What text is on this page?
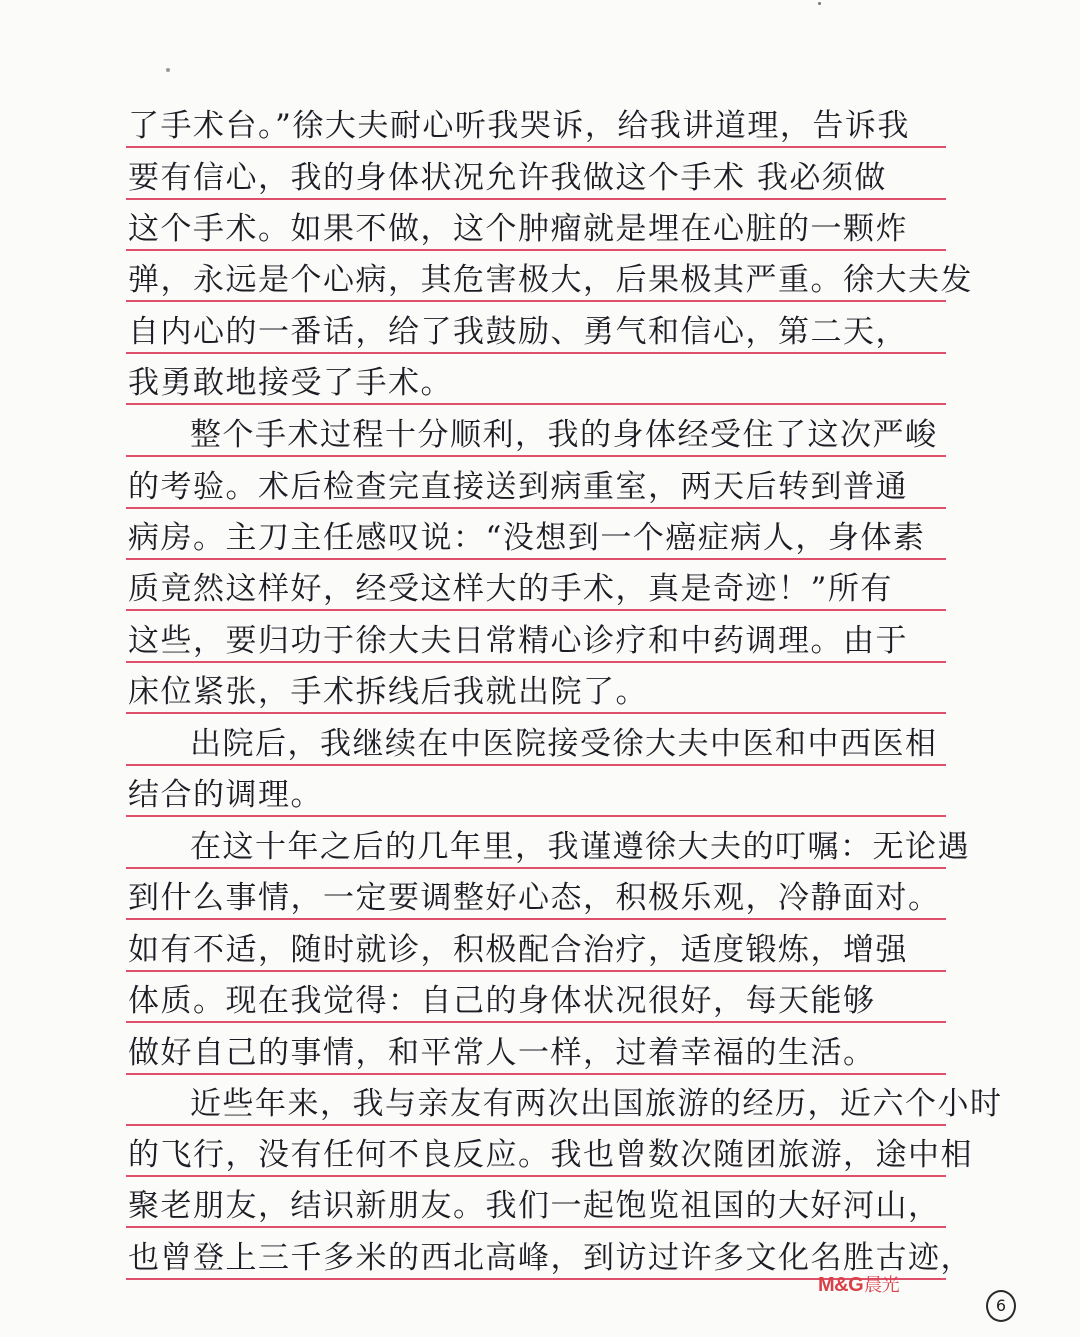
了手术台。”徐大夫耐心听我哭诉，给我讲道理，告诉我
要有信心，我的身体状况允许我做这个手术 我必须做
这个手术。如果不做，这个肿瘤就是埋在心脏的一颗炸
弹，永远是个心病，其危害极大，后果极其严重。徐大夫发
自内心的一番话，给了我鼓励、勇气和信心，第二天，
我勇敢地接受了手术。
整个手术过程十分顺利，我的身体经受住了这次严峻
的考验。术后检查完直接送到病重室，两天后转到普通
病房。主刀主任感叹说：“没想到一个癌症病人，身体素
质竟然这样好，经受这样大的手术，真是奇迹！”所有
这些，要归功于徐大夫日常精心诊疗和中药调理。由于
床位紧张，手术拆线后我就出院了。
出院后，我继续在中医院接受徐大夫中医和中西医相
结合的调理。
在这十年之后的几年里，我谨遵徐大夫的叮嘱：无论遇
到什么事情，一定要调整好心态，积极乐观，冷静面对。
如有不适，随时就诊，积极配合治疗，适度锻炼，增强
体质。现在我觉得：自己的身体状况很好，每天能够
做好自己的事情，和平常人一样，过着幸福的生活。
近些年来，我与亲友有两次出国旅游的经历，近六个小时
的飞行，没有任何不良反应。我也曾数次随团旅游，途中相
聚老朋友，结识新朋友。我们一起饱览祖国的大好河山，
也曾登上三千多米的西北高峰，到访过许多文化名胜古迹，
M&G晨光
6
